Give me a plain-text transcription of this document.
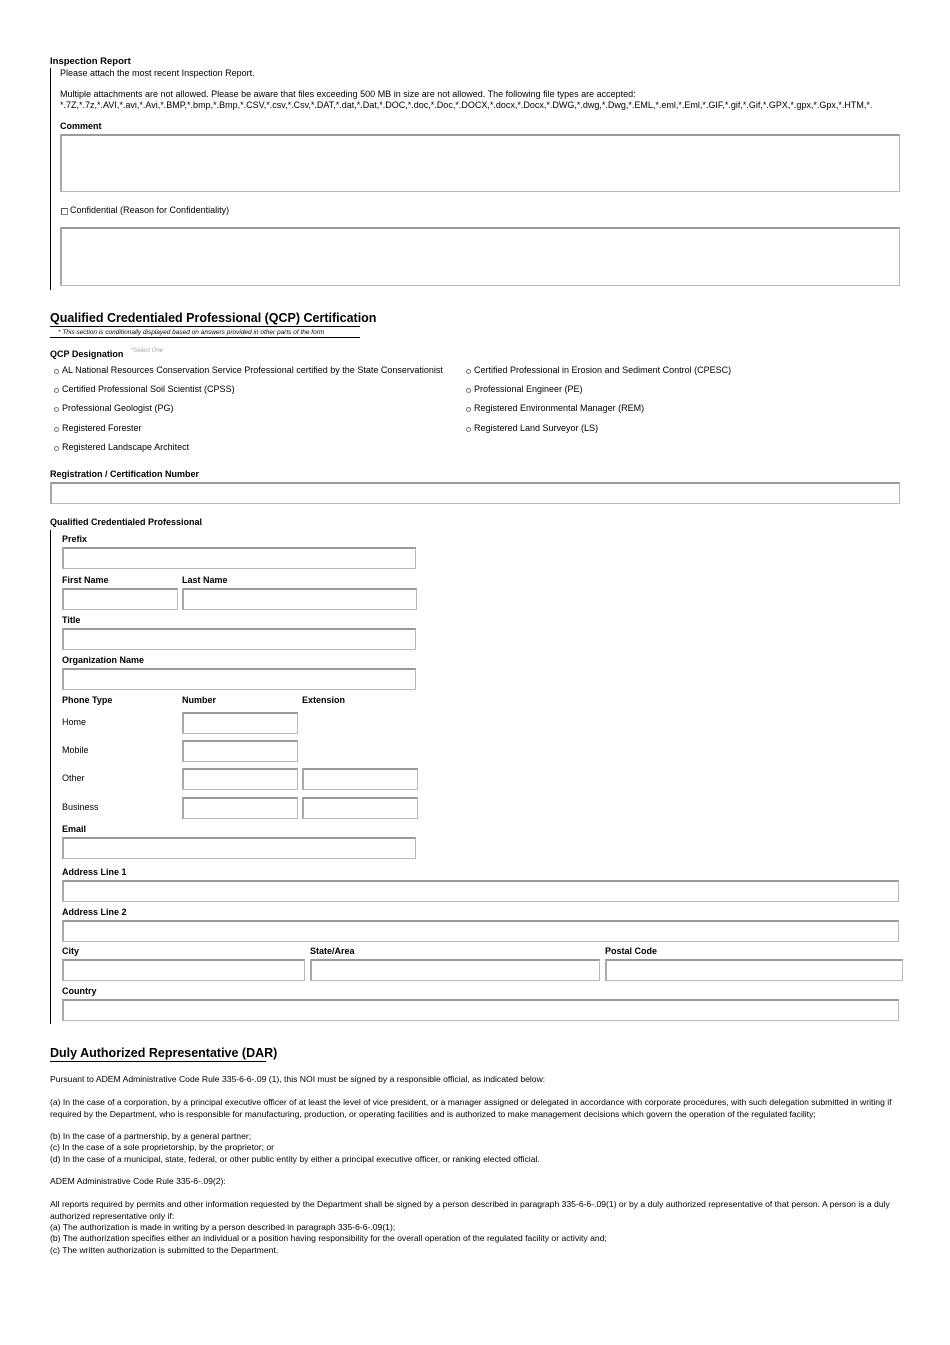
Inspection Report
Please attach the most recent Inspection Report.
Multiple attachments are not allowed. Please be aware that files exceeding 500 MB in size are not allowed. The following file types are accepted:
*.7Z,*.7z,*.AVI,*.avi,*.Avi,*.BMP,*.bmp,*.Bmp,*.CSV,*.csv,*.Csv,*.DAT,*.dat,*.Dat,*.DOC,*.doc,*.Doc,*.DOCX,*.docx,*.Docx,*.DWG,*.dwg,*.Dwg,*.EML,*.eml,*.Eml,*.GIF,*.gif,*.Gif,*.GPX,*.gpx,*.Gpx,*.HTM,*.
Comment
Confidential (Reason for Confidentiality)
Qualified Credentialed Professional (QCP) Certification
* This section is conditionally displayed based on answers provided in other parts of the form
QCP Designation *Select One
AL National Resources Conservation Service Professional certified by the State Conservationist
Certified Professional Soil Scientist (CPSS)
Professional Geologist (PG)
Registered Forester
Registered Landscape Architect
Certified Professional in Erosion and Sediment Control (CPESC)
Professional Engineer (PE)
Registered Environmental Manager (REM)
Registered Land Surveyor (LS)
Registration / Certification Number
Qualified Credentialed Professional
Prefix
First Name	Last Name
Title
Organization Name
Phone Type	Number	Extension
Home
Mobile
Other
Business
Email
Address Line 1
Address Line 2
City	State/Area	Postal Code
Country
Duly Authorized Representative (DAR)
Pursuant to ADEM Administrative Code Rule 335-6-6-.09 (1), this NOI must be signed by a responsible official, as indicated below:
(a) In the case of a corporation, by a principal executive officer of at least the level of vice president, or a manager assigned or delegated in accordance with corporate procedures, with such delegation submitted in writing if required by the Department, who is responsible for manufacturing, production, or operating facilities and is authorized to make management decisions which govern the operation of the regulated facility;
(b) In the case of a partnership, by a general partner;
(c) In the case of a sole proprietorship, by the proprietor; or
(d) In the case of a municipal, state, federal, or other public entity by either a principal executive officer, or ranking elected official.
ADEM Administrative Code Rule 335-6-.09(2):
All reports required by permits and other information requested by the Department shall be signed by a person described in paragraph 335-6-6-.09(1) or by a duly authorized representative of that person. A person is a duly authorized representative only if:
(a) The authorization is made in writing by a person described in paragraph 335-6-6-.09(1);
(b) The authorization specifies either an individual or a position having responsibility for the overall operation of the regulated facility or activity and;
(c) The written authorization is submitted to the Department.
